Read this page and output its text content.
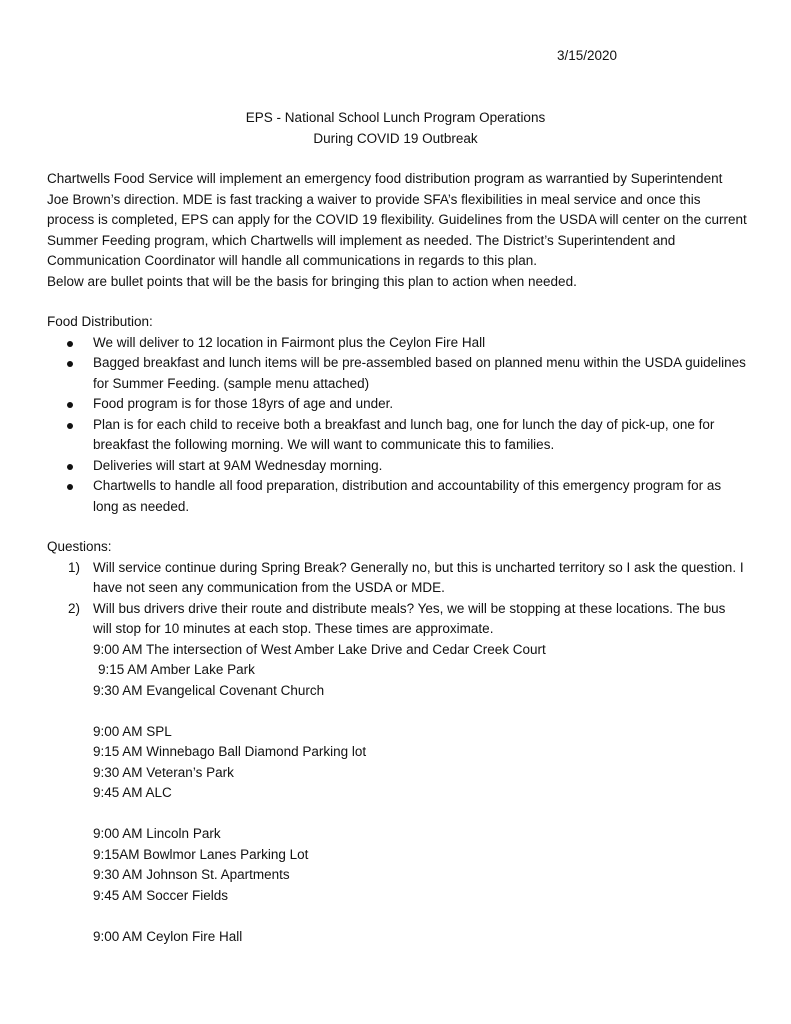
3/15/2020
EPS - National School Lunch Program Operations
During COVID 19 Outbreak

Chartwells Food Service will implement an emergency food distribution program as warrantied by Superintendent Joe Brown’s direction. MDE is fast tracking a waiver to provide SFA’s flexibilities in meal service and once this process is completed, EPS can apply for the COVID 19 flexibility. Guidelines from the USDA will center on the current Summer Feeding program, which Chartwells will implement as needed. The District’s Superintendent and Communication Coordinator will handle all communications in regards to this plan.

Below are bullet points that will be the basis for bringing this plan to action when needed.

Food Distribution:

We will deliver to 12 location in Fairmont plus the Ceylon Fire Hall
Bagged breakfast and lunch items will be pre-assembled based on planned menu within the USDA guidelines for Summer Feeding. (sample menu attached)
Food program is for those 18yrs of age and under.
Plan is for each child to receive both a breakfast and lunch bag, one for lunch the day of pick-up, one for breakfast the following morning. We will want to communicate this to families.
Deliveries will start at 9AM Wednesday morning.
Chartwells to handle all food preparation, distribution and accountability of this emergency program for as long as needed.

Questions:

1) Will service continue during Spring Break? Generally no, but this is uncharted territory so I ask the question. I have not seen any communication from the USDA or MDE.
2) Will bus drivers drive their route and distribute meals? Yes, we will be stopping at these locations. The bus will stop for 10 minutes at each stop. These times are approximate.

9:00 AM The intersection of West Amber Lake Drive and Cedar Creek Court

9:15 AM Amber Lake Park

9:30 AM Evangelical Covenant Church

9:00 AM SPL

9:15 AM Winnebago Ball Diamond Parking lot

9:30 AM Veteran’s Park

9:45 AM ALC

9:00 AM Lincoln Park

9:15AM Bowlmor Lanes Parking Lot

9:30 AM Johnson St. Apartments

9:45 AM Soccer Fields

9:00 AM Ceylon Fire Hall
